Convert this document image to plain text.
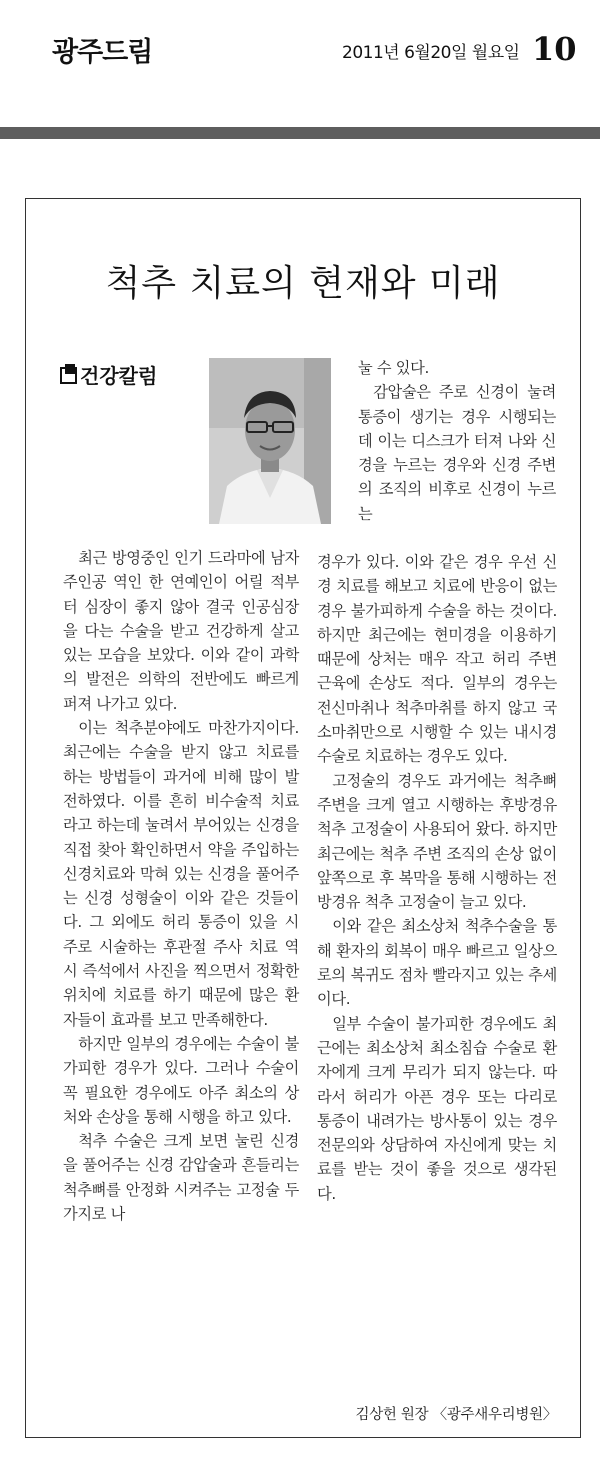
광주드림	2011년 6월20일 월요일 10
척추 치료의 현재와 미래
건강칼럼	눌 수 있다.

감압술은 주로 신경이 눌려 통증이 생기는 경우 시행되는데 이는 디스크가 터져 나와 신경을 누르는 경우와 신경 주변의 조직의 비후로 신경이 누르는

최근 방영중인 인기 드라마에 남자 주인공 역인 한 연예인이 어릴 적부터 심장이 좋지 않아 결국 인공심장을 다는 수술을 받고 건강하게 살고 있는 모습을 보았다. 이와 같이 과학의 발전은 의학의 전반에도 빠르게 퍼져 나가고 있다.

이는 척추분야에도 마찬가지이다. 최근에는 수술을 받지 않고 치료를 하는 방법들이 과거에 비해 많이 발전하였다. 이를 흔히 비수술적 치료라고 하는데 눌려서 부어있는 신경을 직접 찾아 확인하면서 약을 주입하는 신경치료와 막혀 있는 신경을 풀어주는 신경 성형술이 이와 같은 것들이다. 그 외에도 허리 통증이 있을 시 주로 시술하는 후관절 주사 치료 역시 즉석에서 사진을 찍으면서 정확한 위치에 치료를 하기 때문에 많은 환자들이 효과를 보고 만족해한다.

하지만 일부의 경우에는 수술이 불가피한 경우가 있다. 그러나 수술이 꼭 필요한 경우에도 아주 최소의 상처와 손상을 통해 시행을 하고 있다.

척추 수술은 크게 보면 눌린 신경을 풀어주는 신경 감압술과 흔들리는 척추뼈를 안정화 시켜주는 고정술 두 가지로 나

경우가 있다. 이와 같은 경우 우선 신경 치료를 해보고 치료에 반응이 없는 경우 불가피하게 수술을 하는 것이다. 하지만 최근에는 현미경을 이용하기 때문에 상처는 매우 작고 허리 주변 근육에 손상도 적다. 일부의 경우는 전신마취나 척추마취를 하지 않고 국소마취만으로 시행할 수 있는 내시경 수술로 치료하는 경우도 있다.

고정술의 경우도 과거에는 척추뼈 주변을 크게 열고 시행하는 후방경유 척추 고정술이 사용되어 왔다. 하지만 최근에는 척추 주변 조직의 손상 없이 앞쪽으로 후 복막을 통해 시행하는 전방경유 척추 고정술이 늘고 있다.

이와 같은 최소상처 척추수술을 통해 환자의 회복이 매우 빠르고 일상으로의 복귀도 점차 빨라지고 있는 추세이다.

일부 수술이 불가피한 경우에도 최근에는 최소상처 최소침습 수술로 환자에게 크게 무리가 되지 않는다. 따라서 허리가 아픈 경우 또는 다리로 통증이 내려가는 방사통이 있는 경우 전문의와 상담하여 자신에게 맞는 치료를 받는 것이 좋을 것으로 생각된다.

김상헌 원장 〈광주새우리병원〉
